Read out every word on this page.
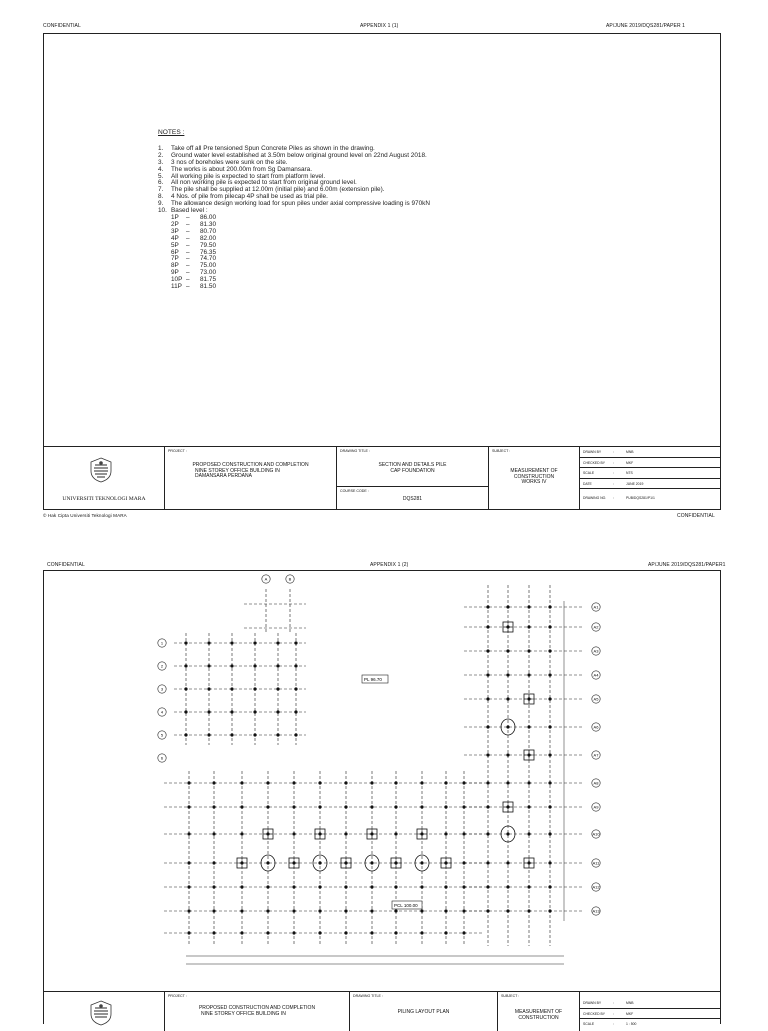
CONFIDENTIAL	APPENDIX 1 (1)	AP/JUNE 2019/DQS281/PAPER 1
NOTES :
1.	Take off all Pre tensioned Spun Concrete Piles as shown in the drawing.
2.	Ground water level established at 3.50m below original ground level on 22nd August 2018.
3.	3 nos of boreholes were sunk on the site.
4.	The works is about 200.00m from Sg Damansara.
5.	All working pile is expected to start from platform level.
6.	All non working pile is expected to start from original ground level.
7.	The pile shall be supplied at 12.00m (initial pile) and 6.00m (extension pile).
8.	4 Nos. of pile from pilecap 4P shall be used as trial pile.
9.	The allowance design working load for spun piles under axial compressive loading is 970kN
10. Based level :
1P	–	86.00
2P	–	81.30
3P	–	80.70
4P	–	82.00
5P	–	79.50
6P	–	76.35
7P	–	74.70
8P	–	75.00
9P	–	73.00
10P –	81.75
11P –	81.50
UNIVERSITI TEKNOLOGI MARA
PROJECT :
PROPOSED CONSTRUCTION AND COMPLETION
NINE STOREY OFFICE BUILDING IN
DAMANSARA PERDANA
DRAWING TITLE :
SECTION AND DETAILS PILE
CAP FOUNDATION
COURSE CODE :
DQS281
SUBJECT :
MEASUREMENT OF
CONSTRUCTION
WORKS IV
DRAWN BY	:	MNB
CHECKED BY :	MKF
SCALE	:	NTS
DATE	:	JUNE 2019
DRAWING NO. :	PUB/DQS281/P1/1
© Hak Cipta Universiti Teknologi MARA	CONFIDENTIAL
CONFIDENTIAL	APPENDIX 1 (2)	AP/JUNE 2019/DQS281/PAPER1
A	B
1
2
3
4
5
6
A1
A2
A3
A4
A5
A6
A7
A8
A9
A10
A11
A12
A13
PL 96.70
PCL 100.00
PROJECT :
PROPOSED CONSTRUCTION AND COMPLETION
NINE STOREY OFFICE BUILDING IN
DRAWING TITLE :
PILING LAYOUT PLAN
SUBJECT :
MEASUREMENT OF
CONSTRUCTION
DRAWN BY	:	MNB
CHECKED BY :	MKF
SCALE	:	1 : 500
